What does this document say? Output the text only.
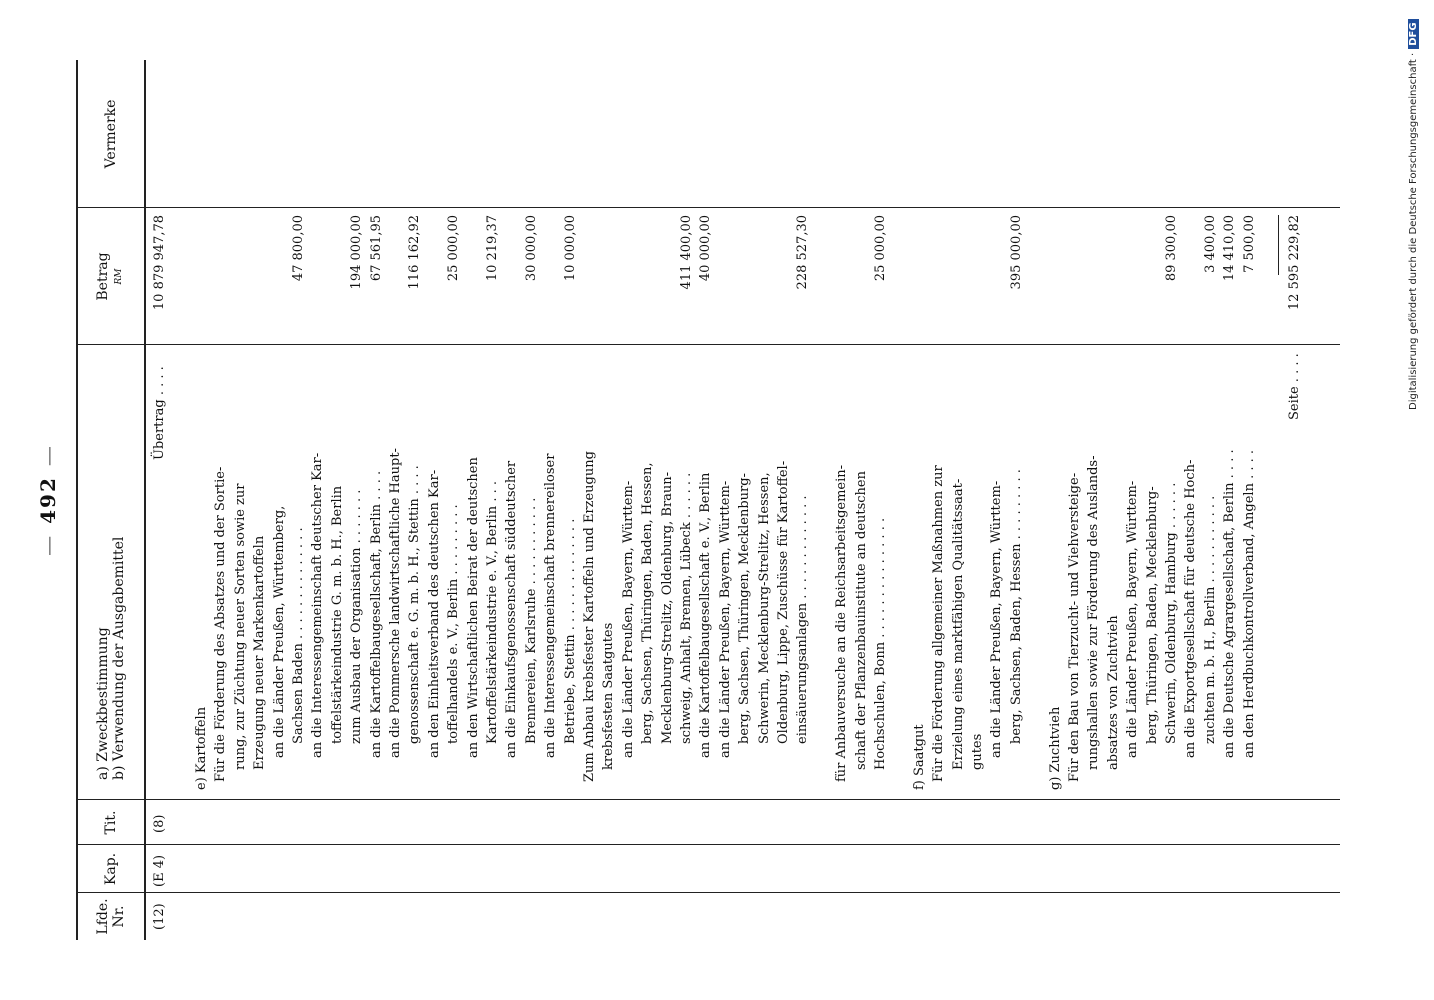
—492—
Lfde. Nr.
Kap.
Tit.
a) Zweckbestimmung
b) Verwendung der Ausgabemittel
Betrag RM
Vermerke
(12)
(E 4)
(8)
Übertrag . . . .
10 879 947,78
e) Kartoffeln Für die Förderung des Absatzes und der Sortie- rung, zur Züchtung neuer Sorten sowie zur Erzeugung neuer Markenkartoffeln an die Länder Preußen, Württemberg, Sachsen Baden . . . . . . . . . . . . . .
47 800,00
an die Interessengemeinschaft deutscher Kar- toffelstärkeindustrie G. m. b. H., Berlin zum Ausbau der Organisation . . . . . . .
194 000,00
an die Kartoffelbaugesellschaft, Berlin . . . .
67 561,95
an die Pommersche landwirtschaftliche Haupt- genossenschaft e. G. m. b. H., Stettin . . . .
116 162,92
an den Einheitsverband des deutschen Kar- toffelhandels e. V., Berlin . . . . . . . . .
25 000,00
an den Wirtschaftlichen Beirat der deutschen Kartoffelstärkeindustrie e. V., Berlin . . .
10 219,37
an die Einkaufsgenossenschaft süddeutscher Brennereien, Karlsruhe . . . . . . . . . . .
30 000,00
an die Interessengemeinschaft brennereiloser Betriebe, Stettin . . . . . . . . . . . . . .
10 000,00
Zum Anbau krebsfester Kartoffeln und Erzeugung krebsfesten Saatgutes an die Länder Preußen, Bayern, Württem- berg, Sachsen, Thüringen, Baden, Hessen, Mecklenburg-Strelitz, Oldenburg, Braun- schweig, Anhalt, Bremen, Lübeck . . . . . .
411 400,00
an die Kartoffelbaugesellschaft e. V., Berlin
40 000,00
an die Länder Preußen, Bayern, Württem- berg, Sachsen, Thüringen, Mecklenburg- Schwerin, Mecklenburg-Strelitz, Hessen, Oldenburg, Lippe, Zuschüsse für Kartoffel- einsäuerungsanlagen . . . . . . . . . . . . .
228 527,30
für Anbauversuche an die Reichsarbeitsgemein- schaft der Pflanzenbauinstitute an deutschen Hochschulen, Bonn . . . . . . . . . . . . . . .
25 000,00
f) Saatgut Für die Förderung allgemeiner Maßnahmen zur Erzielung eines marktfähigen Qualitätssaat- gutes an die Länder Preußen, Bayern, Württem- berg, Sachsen, Baden, Hessen . . . . . . . . .
395 000,00
g) Zuchtvieh Für den Bau von Tierzucht- und Viehversteige- rungshallen sowie zur Förderung des Auslands- absatzes von Zuchtvieh an die Länder Preußen, Bayern, Württem- berg, Thüringen, Baden, Mecklenburg- Schwerin, Oldenburg, Hamburg . . . . . .
89 300,00
an die Exportgesellschaft für deutsche Hoch- zuchten m. b. H., Berlin . . . . . . . . . . .
3 400,00
an die Deutsche Agrargesellschaft, Berlin . . . .
14 410,00
an den Herdbuchkontrollverband, Angeln . . . .
7 500,00
Seite . . . .
12 595 229,82	Digitalisierung gefördert durch die Deutsche Forschungsgemeinschaft ·DFG
